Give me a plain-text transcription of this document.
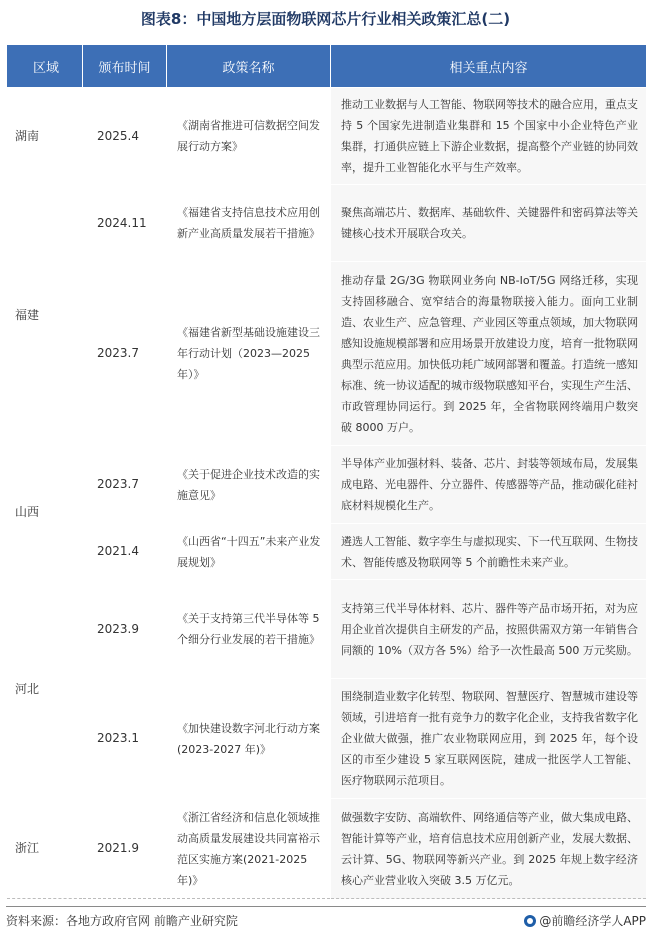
图表8：中国地方层面物联网芯片行业相关政策汇总(二)
区域	颁布时间	政策名称	相关重点内容
湖南	2025.4	《湖南省推进可信数据空间发展行动方案》	推动工业数据与人工智能、物联网等技术的融合应用，重点支持 5 个国家先进制造业集群和 15 个国家中小企业特色产业集群，打通供应链上下游企业数据，提高整个产业链的协同效率，提升工业智能化水平与生产效率。
福建	2024.11	《福建省支持信息技术应用创新产业高质量发展若干措施》	聚焦高端芯片、数据库、基础软件、关键器件和密码算法等关键核心技术开展联合攻关。
	2023.7	《福建省新型基础设施建设三年行动计划（2023—2025 年）》	推动存量 2G/3G 物联网业务向 NB-IoT/5G 网络迁移，实现支持固移融合、宽窄结合的海量物联接入能力。面向工业制造、农业生产、应急管理、产业园区等重点领域，加大物联网感知设施规模部署和应用场景开放建设力度，培育一批物联网典型示范应用。加快低功耗广域网部署和覆盖。打造统一感知标准、统一协议适配的城市级物联感知平台，实现生产生活、市政管理协同运行。到 2025 年，全省物联网终端用户数突破 8000 万户。
山西	2023.7	《关于促进企业技术改造的实施意见》	半导体产业加强材料、装备、芯片、封装等领域布局，发展集成电路、光电器件、分立器件、传感器等产品，推动碳化硅衬底材料规模化生产。
	2021.4	《山西省“十四五”未来产业发展规划》	遴选人工智能、数字孪生与虚拟现实、下一代互联网、生物技术、智能传感及物联网等 5 个前瞻性未来产业。
河北	2023.9	《关于支持第三代半导体等 5 个细分行业发展的若干措施》	支持第三代半导体材料、芯片、器件等产品市场开拓，对为应用企业首次提供自主研发的产品，按照供需双方第一年销售合同额的 10%（双方各 5%）给予一次性最高 500 万元奖励。
	2023.1	《加快建设数字河北行动方案(2023-2027 年)》	围绕制造业数字化转型、物联网、智慧医疗、智慧城市建设等领域，引进培育一批有竞争力的数字化企业，支持我省数字化企业做大做强，推广农业物联网应用，到 2025 年，每个设区的市至少建设 5 家互联网医院，建成一批医学人工智能、医疗物联网示范项目。
浙江	2021.9	《浙江省经济和信息化领域推动高质量发展建设共同富裕示范区实施方案(2021-2025 年)》	做强数字安防、高端软件、网络通信等产业，做大集成电路、智能计算等产业，培育信息技术应用创新产业，发展大数据、云计算、5G、物联网等新兴产业。到 2025 年规上数字经济核心产业营业收入突破 3.5 万亿元。
资料来源：各地方政府官网 前瞻产业研究院	@前瞻经济学人APP
